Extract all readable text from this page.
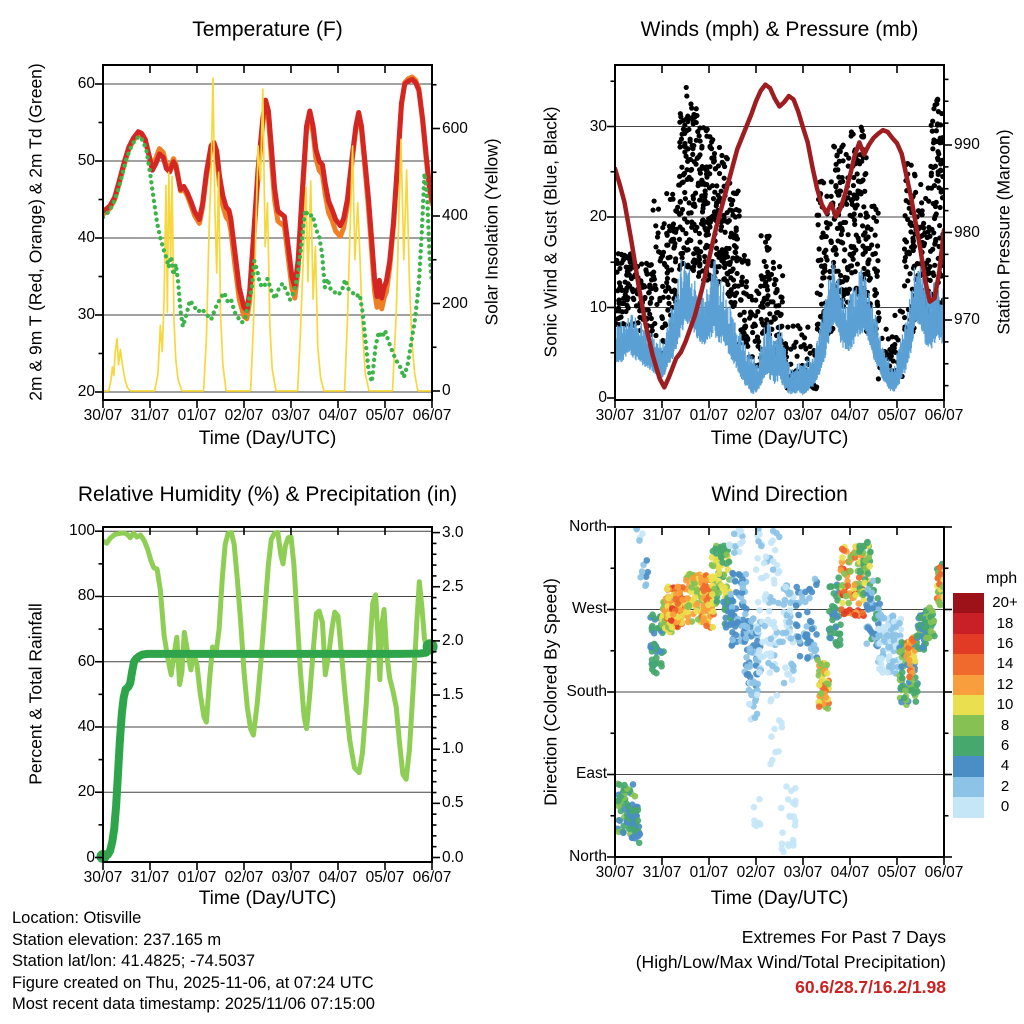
Temperature (F)	Winds (mph) & Pressure (mb)
Relative Humidity (%) & Precipitation (in)	Wind Direction
Time (Day/UTC)	Time (Day/UTC)
Time (Day/UTC)	Time (Day/UTC)
2m & 9m T (Red, Orange) & 2m Td (Green)	Solar Insolation (Yellow) Sonic Wind & Gust (Blue, Black)	Station Pressure (Maroon)
Percent & Total Rainfall	Direction (Colored By Speed)
30/07 31/07 01/07 02/07 03/07 04/07 05/07 06/07	30/07 31/07 01/07 02/07 03/07 04/07 05/07 06/07
30/07 31/07 01/07 02/07 03/07 04/07 05/07 06/07	30/07 31/07 01/07 02/07 03/07 04/07 05/07 06/07
20
30
40
50
60
0
200
400
600
0
10
20
30
970
980
990
0
20
40
60
80
100
0.0
0.5
1.0
1.5
2.0
2.5
3.0	North
West
South
East
North
mph
20+
18
16
14
12
10
8
6
4
2
0
Location: Otisville
Station elevation: 237.165 m
Station lat/lon: 41.4825; -74.5037
Figure created on Thu, 2025-11-06, at 07:24 UTC
Most recent data timestamp: 2025/11/06 07:15:00
Extremes For Past 7 Days
(High/Low/Max Wind/Total Precipitation)
60.6/28.7/16.2/1.98
